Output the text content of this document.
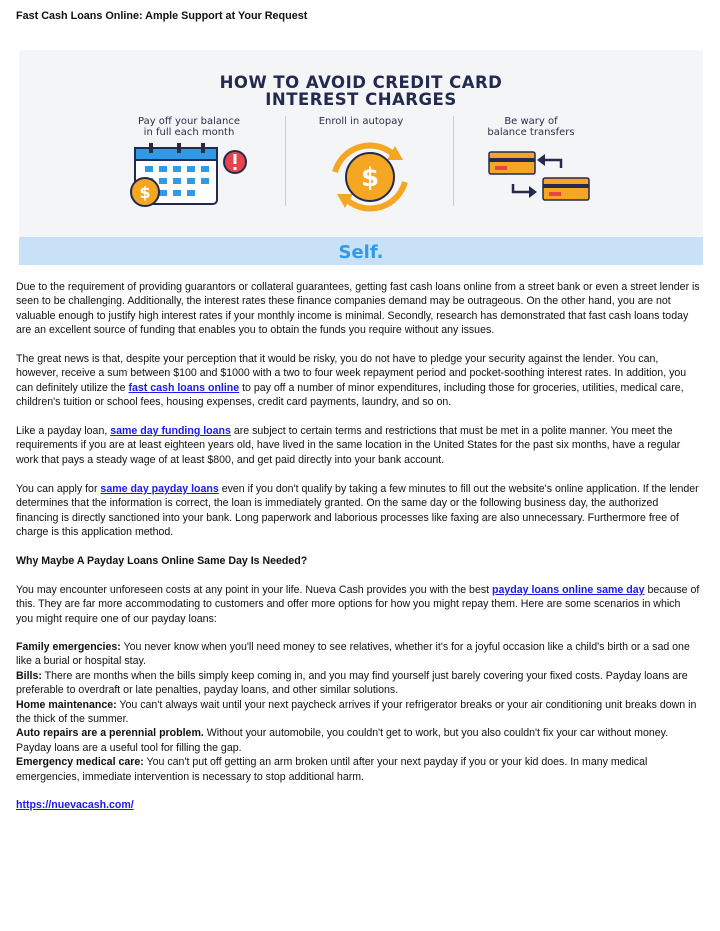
Fast Cash Loans Online: Ample Support at Your Request
HOW TO AVOID CREDIT CARD
INTEREST CHARGES
Pay off your balance
in full each month
Enroll in autopay	Be wary of
balance transfers
$	$
Self.

Due to the requirement of providing guarantors or collateral guarantees, getting fast cash loans online from a street bank or even a street lender is seen to be challenging. Additionally, the interest rates these finance companies demand may be outrageous. On the other hand, you are not valuable enough to justify high interest rates if your monthly income is minimal. Secondly, research has demonstrated that fast cash loans today are an excellent source of funding that enables you to obtain the funds you require without any issues.

The great news is that, despite your perception that it would be risky, you do not have to pledge your security against the lender. You can, however, receive a sum between $100 and $1000 with a two to four week repayment period and pocket-soothing interest rates. In addition, you can definitely utilize the fast cash loans online to pay off a number of minor expenditures, including those for groceries, utilities, medical care, children's tuition or school fees, housing expenses, credit card payments, laundry, and so on.

Like a payday loan, same day funding loans are subject to certain terms and restrictions that must be met in a polite manner. You meet the requirements if you are at least eighteen years old, have lived in the same location in the United States for the past six months, have a regular work that pays a steady wage of at least $800, and get paid directly into your bank account.

You can apply for same day payday loans even if you don't qualify by taking a few minutes to fill out the website's online application. If the lender determines that the information is correct, the loan is immediately granted. On the same day or the following business day, the authorized financing is directly sanctioned into your bank. Long paperwork and laborious processes like faxing are also unnecessary. Furthermore free of charge is this application method.

Why Maybe A Payday Loans Online Same Day Is Needed?

You may encounter unforeseen costs at any point in your life. Nueva Cash provides you with the best payday loans online same day because of this. They are far more accommodating to customers and offer more options for how you might repay them. Here are some scenarios in which you might require one of our payday loans:

Family emergencies: You never know when you'll need money to see relatives, whether it's for a joyful occasion like a child's birth or a sad one like a burial or hospital stay.
Bills: There are months when the bills simply keep coming in, and you may find yourself just barely covering your fixed costs. Payday loans are preferable to overdraft or late penalties, payday loans, and other similar solutions.
Home maintenance: You can't always wait until your next paycheck arrives if your refrigerator breaks or your air conditioning unit breaks down in the thick of the summer.
Auto repairs are a perennial problem. Without your automobile, you couldn't get to work, but you also couldn't fix your car without money. Payday loans are a useful tool for filling the gap.
Emergency medical care: You can't put off getting an arm broken until after your next payday if you or your kid does. In many medical emergencies, immediate intervention is necessary to stop additional harm.

https://nuevacash.com/
